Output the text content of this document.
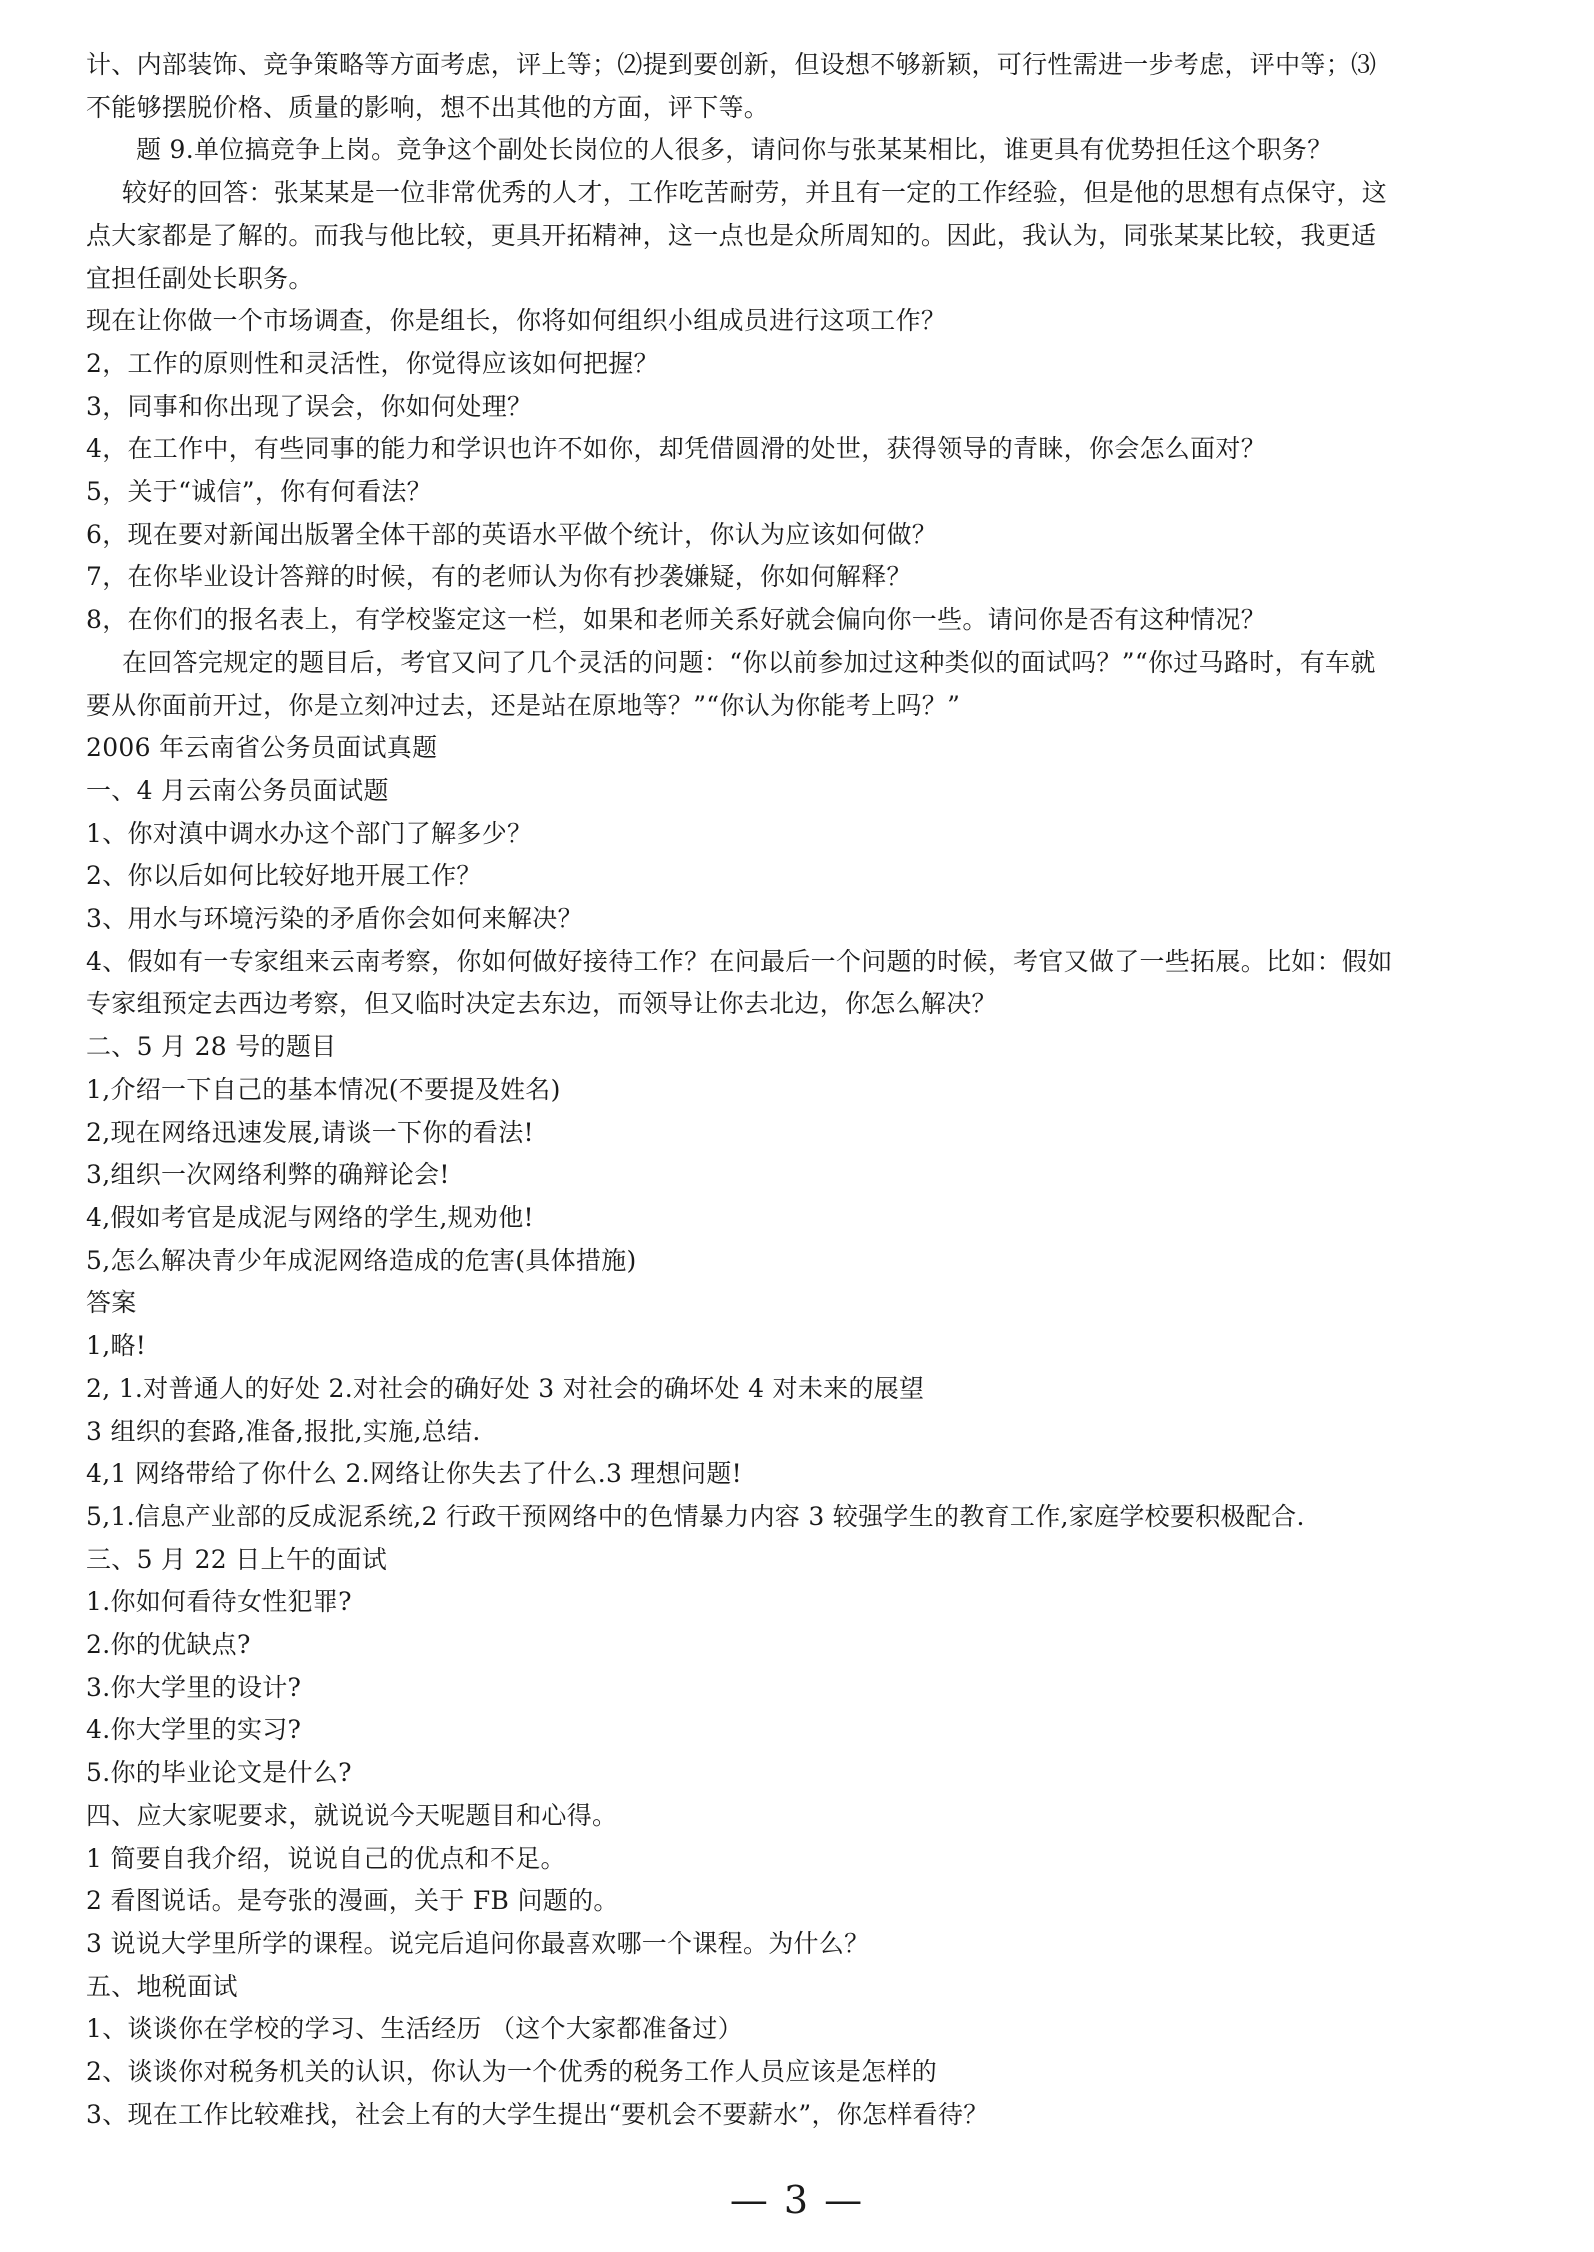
计、内部装饰、竞争策略等方面考虑，评上等；⑵提到要创新，但设想不够新颖，可行性需进一步考虑，评中等；⑶
不能够摆脱价格、质量的影响，想不出其他的方面，评下等。
题 9.单位搞竞争上岗。竞争这个副处长岗位的人很多，请问你与张某某相比，谁更具有优势担任这个职务？
较好的回答：张某某是一位非常优秀的人才，工作吃苦耐劳，并且有一定的工作经验，但是他的思想有点保守，这
点大家都是了解的。而我与他比较，更具开拓精神，这一点也是众所周知的。因此，我认为，同张某某比较，我更适
宜担任副处长职务。
现在让你做一个市场调查，你是组长，你将如何组织小组成员进行这项工作？
2，工作的原则性和灵活性，你觉得应该如何把握？
3，同事和你出现了误会，你如何处理？
4，在工作中，有些同事的能力和学识也许不如你，却凭借圆滑的处世，获得领导的青睐，你会怎么面对？
5，关于“诚信”，你有何看法？
6，现在要对新闻出版署全体干部的英语水平做个统计，你认为应该如何做？
7，在你毕业设计答辩的时候，有的老师认为你有抄袭嫌疑，你如何解释？
8，在你们的报名表上，有学校鉴定这一栏，如果和老师关系好就会偏向你一些。请问你是否有这种情况？
在回答完规定的题目后，考官又问了几个灵活的问题：“你以前参加过这种类似的面试吗？”“你过马路时，有车就
要从你面前开过，你是立刻冲过去，还是站在原地等？”“你认为你能考上吗？”
2006 年云南省公务员面试真题
一、4 月云南公务员面试题
1、你对滇中调水办这个部门了解多少？
2、你以后如何比较好地开展工作？
3、用水与环境污染的矛盾你会如何来解决？
4、假如有一专家组来云南考察，你如何做好接待工作？在问最后一个问题的时候，考官又做了一些拓展。比如：假如
专家组预定去西边考察，但又临时决定去东边，而领导让你去北边，你怎么解决？
二、5 月 28 号的题目
1,介绍一下自己的基本情况(不要提及姓名)
2,现在网络迅速发展,请谈一下你的看法!
3,组织一次网络利弊的确辩论会!
4,假如考官是成泥与网络的学生,规劝他!
5,怎么解决青少年成泥网络造成的危害(具体措施)
答案
1,略!
2, 1.对普通人的好处 2.对社会的确好处 3 对社会的确坏处 4 对未来的展望
3 组织的套路,准备,报批,实施,总结.
4,1 网络带给了你什么 2.网络让你失去了什么.3 理想问题!
5,1.信息产业部的反成泥系统,2 行政干预网络中的色情暴力内容 3 较强学生的教育工作,家庭学校要积极配合.
三、5 月 22 日上午的面试
1.你如何看待女性犯罪?
2.你的优缺点?
3.你大学里的设计?
4.你大学里的实习?
5.你的毕业论文是什么?
四、应大家呢要求，就说说今天呢题目和心得。
1 简要自我介绍，说说自己的优点和不足。
2 看图说话。是夸张的漫画，关于 FB 问题的。
3 说说大学里所学的课程。说完后追问你最喜欢哪一个课程。为什么？
五、地税面试
1、谈谈你在学校的学习、生活经历 （这个大家都准备过）
2、谈谈你对税务机关的认识，你认为一个优秀的税务工作人员应该是怎样的
3、现在工作比较难找，社会上有的大学生提出“要机会不要薪水”，你怎样看待？
— 3 —
